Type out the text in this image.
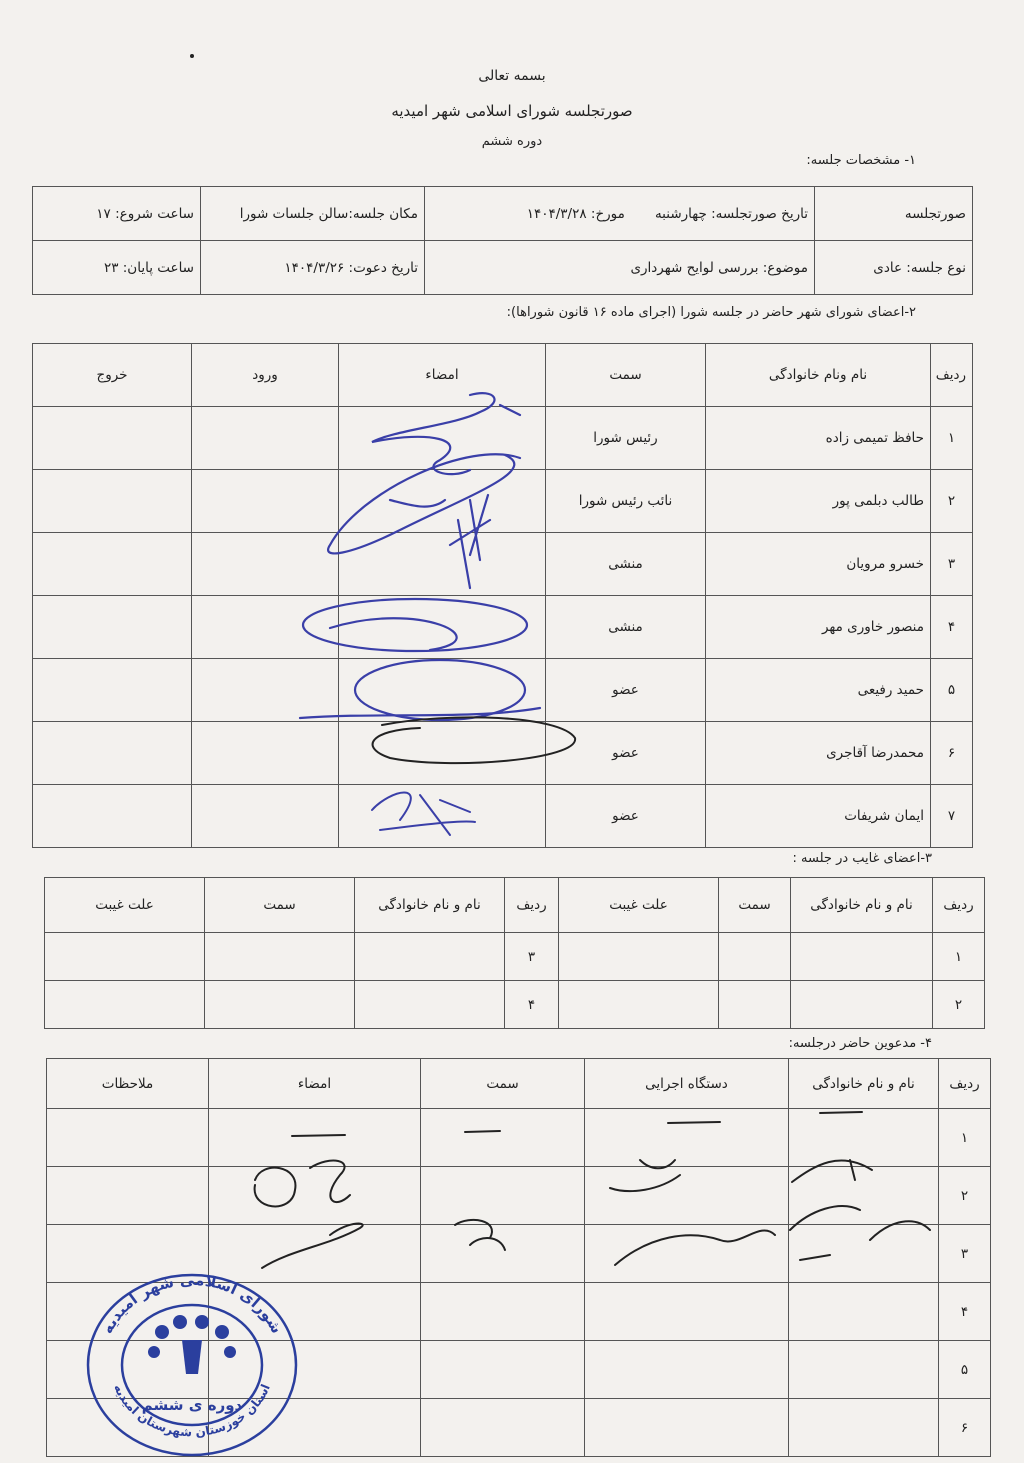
بسمه تعالی
صورتجلسه شورای اسلامی شهر امیدیه
دوره ششم
۱- مشخصات جلسه:
صورتجلسه	تاریخ صورتجلسه: چهارشنبه       مورخ: ۱۴۰۴/۳/۲۸	مکان جلسه:سالن جلسات شورا	ساعت شروع: ۱۷
نوع جلسه: عادی	موضوع: بررسی لوایح شهرداری	تاریخ دعوت: ۱۴۰۴/۳/۲۶	ساعت پایان: ۲۳
۲-اعضای شورای شهر حاضر در جلسه شورا (اجرای ماده ۱۶ قانون شوراها):
ردیف	نام ونام خانوادگی	سمت	امضاء	ورود	خروج
۱	حافظ تمیمی زاده	رئیس شورا			
۲	طالب دبلمی پور	نائب رئیس شورا			
۳	خسرو مرویان	منشی			
۴	منصور خاوری مهر	منشی			
۵	حمید رفیعی	عضو			
۶	محمدرضا آقاجری	عضو			
۷	ایمان شریفات	عضو			
۳-اعضای غایب در جلسه :
ردیف	نام و نام خانوادگی	سمت	علت غیبت	ردیف	نام و نام خانوادگی	سمت	علت غیبت
۱				۳			
۲				۴			
۴- مدعوین حاضر درجلسه:
ردیف	نام و نام خانوادگی	دستگاه اجرایی	سمت	امضاء	ملاحظات
۱					
۲					
۳					
۴					
۵					
۶					
شورای اسلامی شهر امیدیه
استان خوزستان شهرستان امیدیه
دوره ی ششم
